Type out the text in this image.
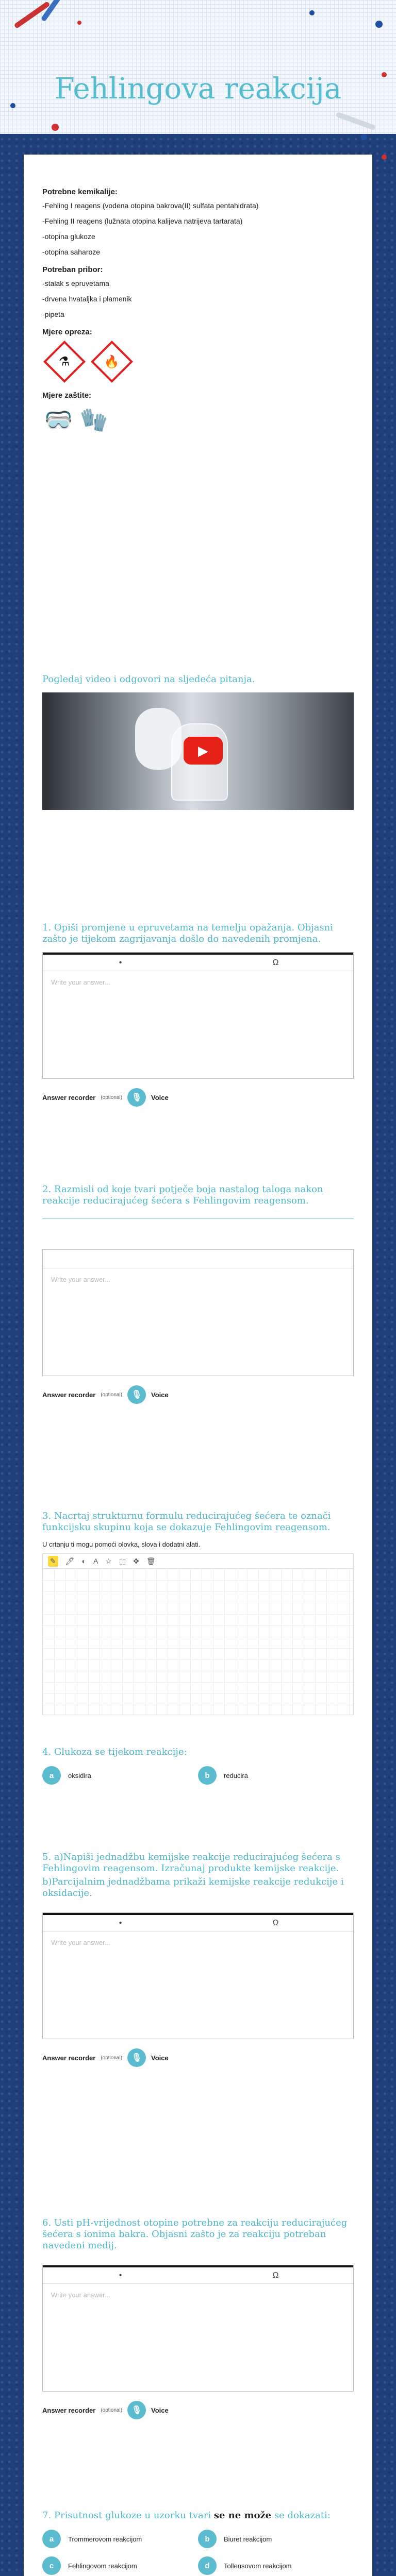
Fehlingova reakcija
Potrebne kemikalije:
-Fehling I reagens (vodena otopina bakrova(II) sulfata pentahidrata)
-Fehling II reagens (lužnata otopina kalijeva natrijeva tartarata)
-otopina glukoze
-otopina saharoze
Potreban pribor:
-stalak s epruvetama
-drvena hvataljka i plamenik
-pipeta
Mjere opreza:
⚗	🔥
Mjere zaštite:
🥽 🧤
Pogledaj video i odgovori na sljedeća pitanja.
▶
1. Opiši promjene u epruvetama na temelju opažanja. Objasni zašto je tijekom zagrijavanja došlo do navedenih promjena.
•	Ω
Write your answer...
Answer recorder (optional)	🎙	Voice
2. Razmisli od koje tvari potječe boja nastalog taloga nakon reakcije reducirajućeg šećera s Fehlingovim reagensom.
Write your answer...
Answer recorder (optional)	🎙	Voice
3. Nacrtaj strukturnu formulu reducirajućeg šećera te označi funkcijsku skupinu koja se dokazuje Fehlingovim reagensom.
U crtanju ti mogu pomoći olovka, slova i dodatni alati.
✎ 🖊 ◐ A ☆ ⬚ ✥ 🗑
4. Glukoza se tijekom reakcije:
a	oksidira	b	reducira
5. a)Napiši jednadžbu kemijske reakcije reducirajućeg šećera s Fehlingovim reagensom. Izračunaj produkte kemijske reakcije.
b)Parcijalnim jednadžbama prikaži kemijske reakcije redukcije i oksidacije.
•	Ω
Write your answer...
Answer recorder (optional)	🎙	Voice
6. Usti pH-vrijednost otopine potrebne za reakciju reducirajućeg šećera s ionima bakra. Objasni zašto je za reakciju potreban navedeni medij.
•	Ω
Write your answer...
Answer recorder (optional)	🎙	Voice
7. Prisutnost glukoze u uzorku tvari se ne može se dokazati:
a	Trommerovom reakcijom	b	Biuret reakcijom
c	Fehlingovom reakcijom	d	Tollensovom reakcijom
